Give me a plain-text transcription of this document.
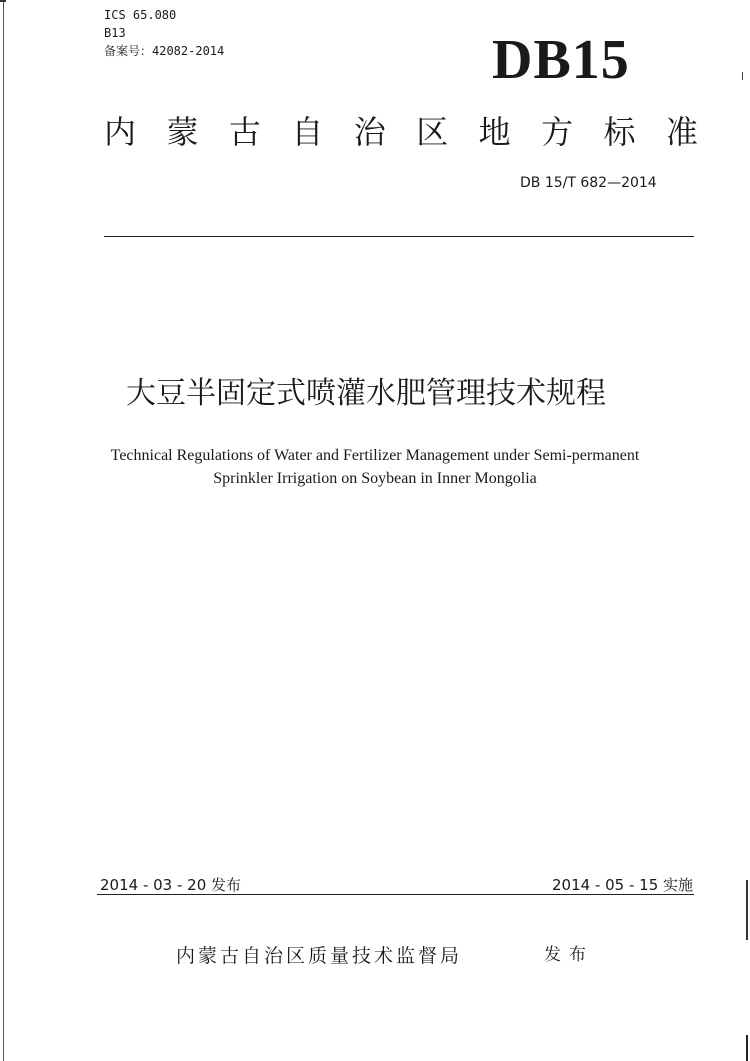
ICS 65.080
B13
备案号：42082-2014	DB15
内 蒙 古 自 治 区 地 方 标 准
DB 15/T 682—2014
大豆半固定式喷灌水肥管理技术规程
Technical Regulations of Water and Fertilizer Management under Semi-permanent
Sprinkler Irrigation on Soybean in Inner Mongolia
2014 - 03 - 20 发布	2014 - 05 - 15 实施
内蒙古自治区质量技术监督局	发布
